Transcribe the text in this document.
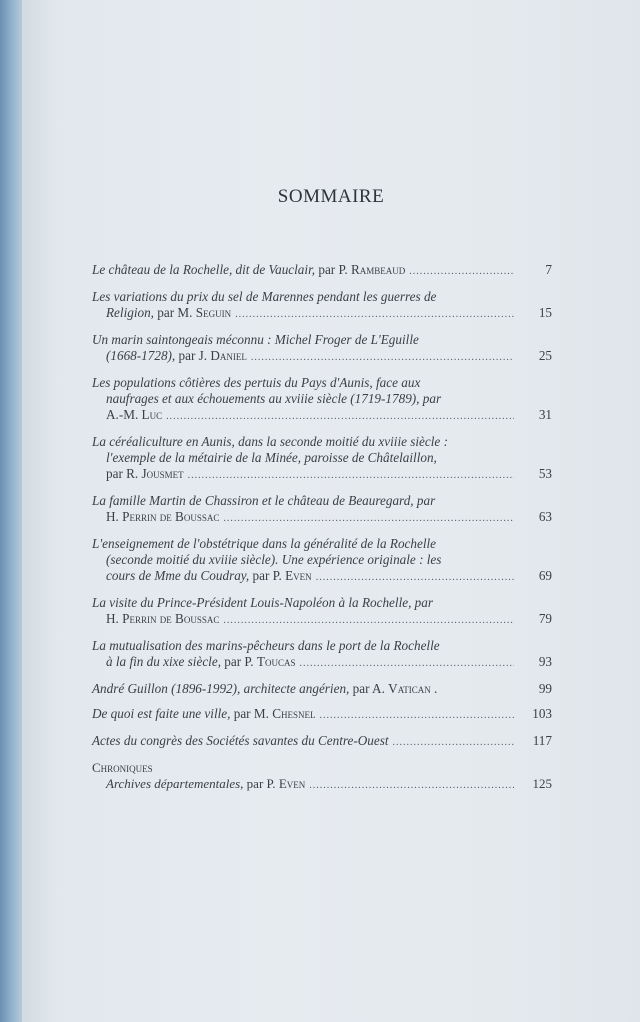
SOMMAIRE
Le château de la Rochelle, dit de Vauclair, par P. Rambeaud .....	7
Les variations du prix du sel de Marennes pendant les guerres de
Religion, par M. Seguin .....	15
Un marin saintongeais méconnu : Michel Froger de L'Eguille
(1668-1728), par J. Daniel .....	25
Les populations côtières des pertuis du Pays d'Aunis, face aux
naufrages et aux échouements au xviiie siècle (1719-1789), par
A.-M. Luc .....	31
La céréaliculture en Aunis, dans la seconde moitié du xviiie siècle :
l'exemple de la métairie de la Minée, paroisse de Châtelaillon,
par R. Jousmet .....	53
La famille Martin de Chassiron et le château de Beauregard, par
H. Perrin de Boussac .....	63
L'enseignement de l'obstétrique dans la généralité de la Rochelle
(seconde moitié du xviiie siècle). Une expérience originale : les
cours de Mme du Coudray, par P. Even .....	69
La visite du Prince-Président Louis-Napoléon à la Rochelle, par
H. Perrin de Boussac .....	79
La mutualisation des marins-pêcheurs dans le port de la Rochelle
à la fin du xixe siècle, par P. Toucas .....	93
André Guillon (1896-1992), architecte angérien, par A. Vatican .	99
De quoi est faite une ville, par M. Chesnel .....	103
Actes du congrès des Sociétés savantes du Centre-Ouest .....	117
Chroniques
Archives départementales, par P. Even .....	125
